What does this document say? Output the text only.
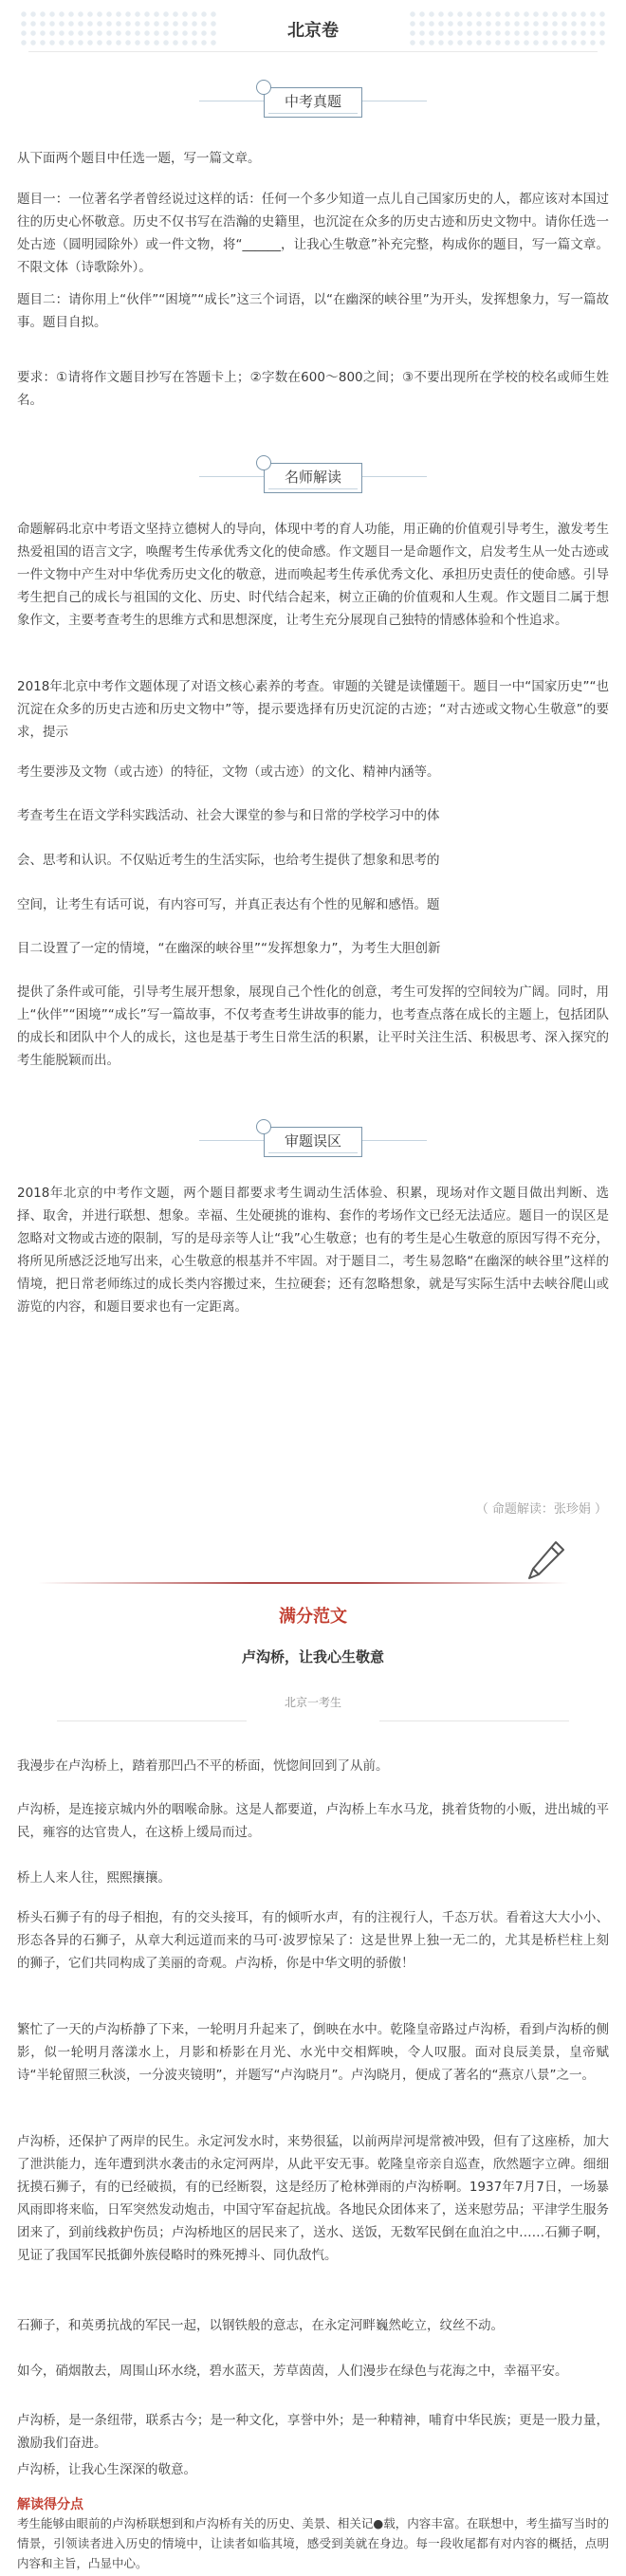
北京卷
中考真题

从下面两个题目中任选一题，写一篇文章。

题目一：一位著名学者曾经说过这样的话：任何一个多少知道一点儿自己国家历史的人，都应该对本国过往的历史心怀敬意。历史不仅书写在浩瀚的史籍里，也沉淀在众多的历史古迹和历史文物中。请你任选一处古迹（圆明园除外）或一件文物，将“______，让我心生敬意”补充完整，构成你的题目，写一篇文章。不限文体（诗歌除外）。

题目二：请你用上“伙伴”“困境”“成长”这三个词语，以“在幽深的峡谷里”为开头，发挥想象力，写一篇故事。题目自拟。

要求：①请将作文题目抄写在答题卡上；②字数在600～800之间；③不要出现所在学校的校名或师生姓名。

名师解读

命题解码北京中考语文坚持立德树人的导向，体现中考的育人功能，用正确的价值观引导考生，激发考生热爱祖国的语言文字，唤醒考生传承优秀文化的使命感。作文题目一是命题作文，启发考生从一处古迹或一件文物中产生对中华优秀历史文化的敬意，进而唤起考生传承优秀文化、承担历史责任的使命感。引导考生把自己的成长与祖国的文化、历史、时代结合起来，树立正确的价值观和人生观。作文题目二属于想象作文，主要考查考生的思维方式和思想深度，让考生充分展现自己独特的情感体验和个性追求。

2018年北京中考作文题体现了对语文核心素养的考查。审题的关键是读懂题干。题目一中“国家历史”“也沉淀在众多的历史古迹和历史文物中”等，提示要选择有历史沉淀的古迹；“对古迹或文物心生敬意”的要求，提示

考生要涉及文物（或古迹）的特征，文物（或古迹）的文化、精神内涵等。

考查考生在语文学科实践活动、社会大课堂的参与和日常的学校学习中的体

会、思考和认识。不仅贴近考生的生活实际，也给考生提供了想象和思考的

空间，让考生有话可说，有内容可写，并真正表达有个性的见解和感悟。题

目二设置了一定的情境，“在幽深的峡谷里”“发挥想象力”，为考生大胆创新

提供了条件或可能，引导考生展开想象，展现自己个性化的创意，考生可发挥的空间较为广阔。同时，用上“伙伴”“困境”“成长”写一篇故事，不仅考查考生讲故事的能力，也考查点落在成长的主题上，包括团队的成长和团队中个人的成长，这也是基于考生日常生活的积累，让平时关注生活、积极思考、深入探究的考生能脱颖而出。

审题误区

2018年北京的中考作文题，两个题目都要求考生调动生活体验、积累，现场对作文题目做出判断、选择、取舍，并进行联想、想象。幸福、生处硬挑的谁构、套作的考场作文已经无法适应。题目一的误区是忽略对文物或古迹的限制，写的是母亲等人让“我”心生敬意；也有的考生是心生敬意的原因写得不充分，将所见所感泛泛地写出来，心生敬意的根基并不牢固。对于题目二，考生易忽略“在幽深的峡谷里”这样的情境，把日常老师练过的成长类内容搬过来，生拉硬套；还有忽略想象，就是写实际生活中去峡谷爬山或游览的内容，和题目要求也有一定距离。

（ 命题解读：张珍娟 ）
满分范文
卢沟桥，让我心生敬意
北京一考生

我漫步在卢沟桥上，踏着那凹凸不平的桥面，恍惚间回到了从前。

卢沟桥，是连接京城内外的咽喉命脉。这是人都要道，卢沟桥上车水马龙，挑着货物的小贩，进出城的平民，雍容的达官贵人，在这桥上缓局而过。

桥上人来人往，熙熙攘攘。

桥头石狮子有的母子相抱，有的交头接耳，有的倾听水声，有的注视行人，千态万状。看着这大大小小、形态各异的石狮子，从章大利远道而来的马可·波罗惊呆了：这是世界上独一无二的，尤其是桥栏柱上刻的狮子，它们共同构成了美丽的奇观。卢沟桥，你是中华文明的骄傲！

繁忙了一天的卢沟桥静了下来，一轮明月升起来了，倒映在水中。乾隆皇帝路过卢沟桥，看到卢沟桥的侧影，似一轮明月落漾水上，月影和桥影在月光、水光中交相辉映，令人叹服。面对良辰美景，皇帝赋诗“半轮留照三秋淡，一分波夹镜明”，并题写“卢沟晓月”。卢沟晓月，便成了著名的“燕京八景”之一。

卢沟桥，还保护了两岸的民生。永定河发水时，来势很猛，以前两岸河堤常被冲毁，但有了这座桥，加大了泄洪能力，连年遭到洪水袭击的永定河两岸，从此平安无事。乾隆皇帝亲自巡查，欣然题字立碑。细细抚摸石狮子，有的已经破损，有的已经断裂，这是经历了枪林弹雨的卢沟桥啊。1937年7月7日，一场暴风雨即将来临，日军突然发动炮击，中国守军奋起抗战。各地民众团体来了，送来慰劳品；平津学生服务团来了，到前线救护伤员；卢沟桥地区的居民来了，送水、送饭，无数军民倒在血泊之中……石狮子啊，见证了我国军民抵御外族侵略时的殊死搏斗、同仇敌忾。

石狮子，和英勇抗战的军民一起，以钢铁般的意志，在永定河畔巍然屹立，纹丝不动。

如今，硝烟散去，周围山环水绕，碧水蓝天，芳草茵茵，人们漫步在绿色与花海之中，幸福平安。

卢沟桥，是一条纽带，联系古今；是一种文化，享誉中外；是一种精神，哺育中华民族；更是一股力量，激励我们奋进。

卢沟桥，让我心生深深的敬意。

解读得分点

考生能够由眼前的卢沟桥联想到和卢沟桥有关的历史、美景、相关记●载，内容丰富。在联想中，考生描写当时的情景，引领读者进入历史的情境中，让读者如临其境，感受到美就在身边。每一段收尾都有对内容的概括，点明内容和主旨，凸显中心。
